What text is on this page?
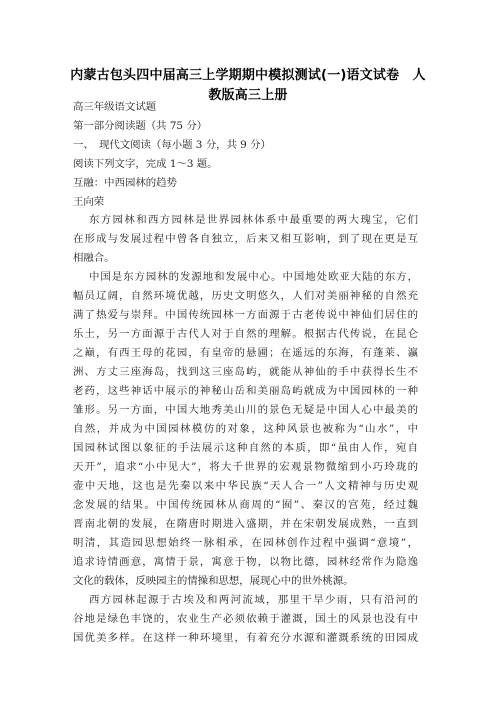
内蒙古包头四中届高三上学期期中模拟测试(一)语文试卷　人
教版高三上册
高三年级语文试题
第一部分阅读题（共 75 分）
一、　现代文阅读（每小题 3 分，共 9 分）
阅读下列文字，完成 1～3 题。
互融：中西园林的趋势
王向荣
东方园林和西方园林是世界园林体系中最重要的两大瑰宝，它们
在形成与发展过程中曾各自独立，后来又相互影响，到了现在更是互
相融合。
中国是东方园林的发源地和发展中心。中国地处欧亚大陆的东方，
幅员辽阔，自然环境优越，历史文明悠久，人们对美丽神秘的自然充
满了热爱与崇拜。中国传统园林一方面源于古老传说中神仙们居住的
乐土，另一方面源于古代人对于自然的理解。根据古代传说，在昆仑
之巅，有西王母的花园，有皇帝的悬圃；在遥远的东海，有蓬莱、瀛
洲、方丈三座海岛，找到这三座岛屿，就能从神仙的手中获得长生不
老药，这些神话中展示的神秘山岳和美丽岛屿就成为中国园林的一种
雏形。另一方面，中国大地秀美山川的景色无疑是中国人心中最美的
自然，并成为中国园林模仿的对象，这种风景也被称为“山水”，中
国园林试图以象征的手法展示这种自然的本质，即“虽由人作，宛自
天开”，追求“小中见大”，将大千世界的宏观景物微缩到小巧玲珑的
壶中天地，这也是先秦以来中华民族“天人合一”人文精神与历史观
念发展的结果。中国传统园林从商周的“囿”、秦汉的宫苑，经过魏
晋南北朝的发展，在隋唐时期进入盛期，并在宋朝发展成熟，一直到
明清，其造园思想始终一脉相承，在园林创作过程中强调“意境”，
追求诗情画意，寓情于景，寓意于物，以物比德，园林经常作为隐逸
文化的载体，反映园主的情操和思想，展现心中的世外桃源。
西方园林起源于古埃及和两河流域，那里干旱少雨，只有沿河的
谷地是绿色丰饶的，农业生产必须依赖于灌溉，国土的风景也没有中
国优美多样。在这样一种环境里，有着充分水源和灌溉系统的田园成
